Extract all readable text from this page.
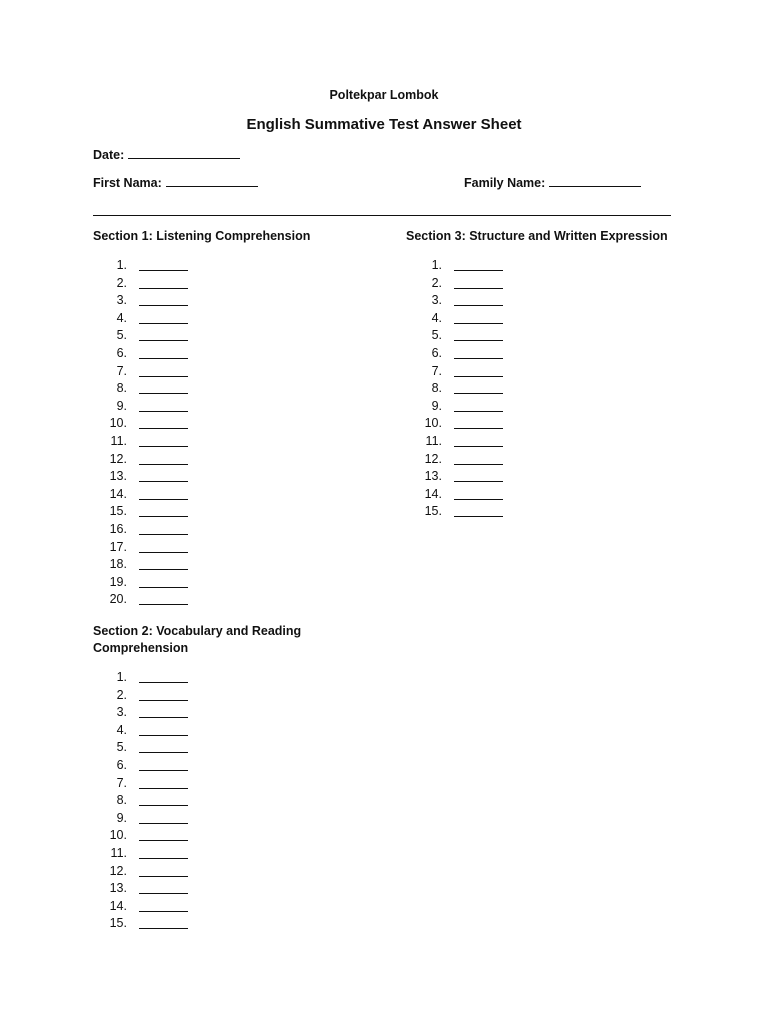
Poltekpar Lombok
English Summative Test Answer Sheet
Date:
First Nama:	Family Name:
Section 1: Listening Comprehension
1.
2.
3.
4.
5.
6.
7.
8.
9.
10.
11.
12.
13.
14.
15.
16.
17.
18.
19.
20.
Section 3: Structure and Written Expression
1.
2.
3.
4.
5.
6.
7.
8.
9.
10.
11.
12.
13.
14.
15.
Section 2: Vocabulary and Reading Comprehension
1.
2.
3.
4.
5.
6.
7.
8.
9.
10.
11.
12.
13.
14.
15.
